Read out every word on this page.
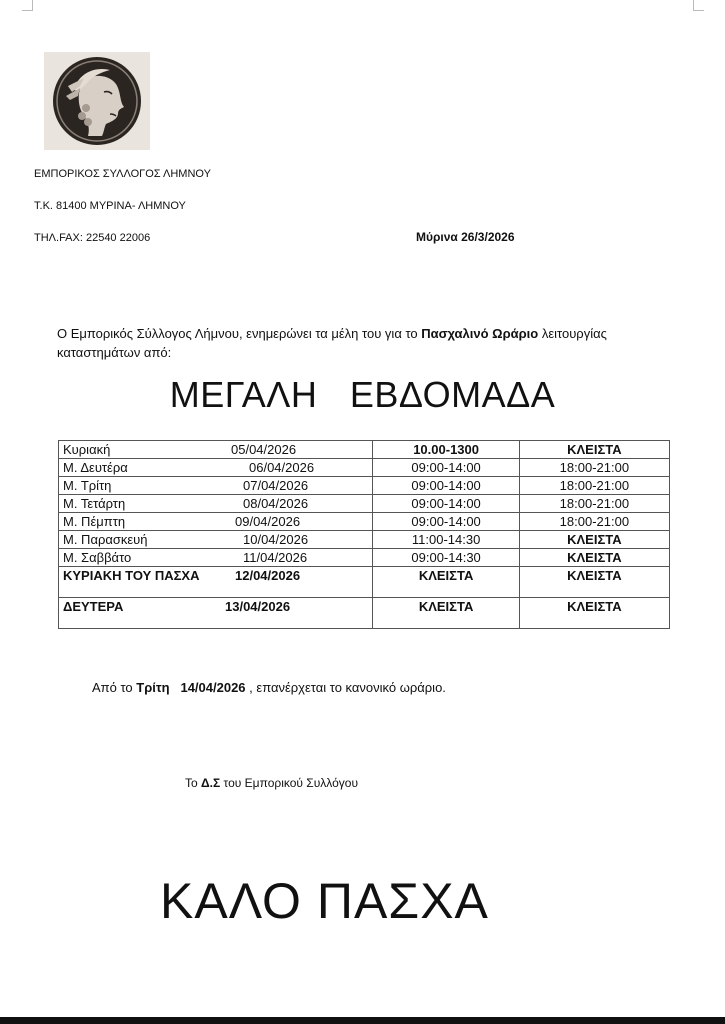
ΕΜΠΟΡΙΚΟΣ ΣΥΛΛΟΓΟΣ ΛΗΜΝΟΥ
Τ.Κ. 81400 ΜΥΡΙΝΑ- ΛΗΜΝΟΥ
ΤΗΛ.FAX: 22540 22006	Μύρινα 26/3/2026
Ο Εμπορικός Σύλλογος Λήμνου, ενημερώνει τα μέλη του για το Πασχαλινό Ωράριο λειτουργίας καταστημάτων από:
ΜΕΓΑΛΗ ΕΒΔΟΜΑΔΑ
Κυριακή 05/04/2026	10.00-1300	ΚΛΕΙΣΤΑ
Μ. Δευτέρα 06/04/2026	09:00-14:00	18:00-21:00
Μ. Τρίτη 07/04/2026	09:00-14:00	18:00-21:00
Μ. Τετάρτη 08/04/2026	09:00-14:00	18:00-21:00
Μ. Πέμπτη 09/04/2026	09:00-14:00	18:00-21:00
Μ. Παρασκευή 10/04/2026	11:00-14:30	ΚΛΕΙΣΤΑ
Μ. Σαββάτο 11/04/2026	09:00-14:30	ΚΛΕΙΣΤΑ
ΚΥΡΙΑΚΗ ΤΟΥ ΠΑΣΧΑ 12/04/2026	ΚΛΕΙΣΤΑ	ΚΛΕΙΣΤΑ
ΔΕΥΤΕΡΑ 13/04/2026	ΚΛΕΙΣΤΑ	ΚΛΕΙΣΤΑ
Από το Τρίτη 14/04/2026 , επανέρχεται το κανονικό ωράριο.
Το Δ.Σ του Εμπορικού Συλλόγου
ΚΑΛΟ ΠΑΣΧΑ
